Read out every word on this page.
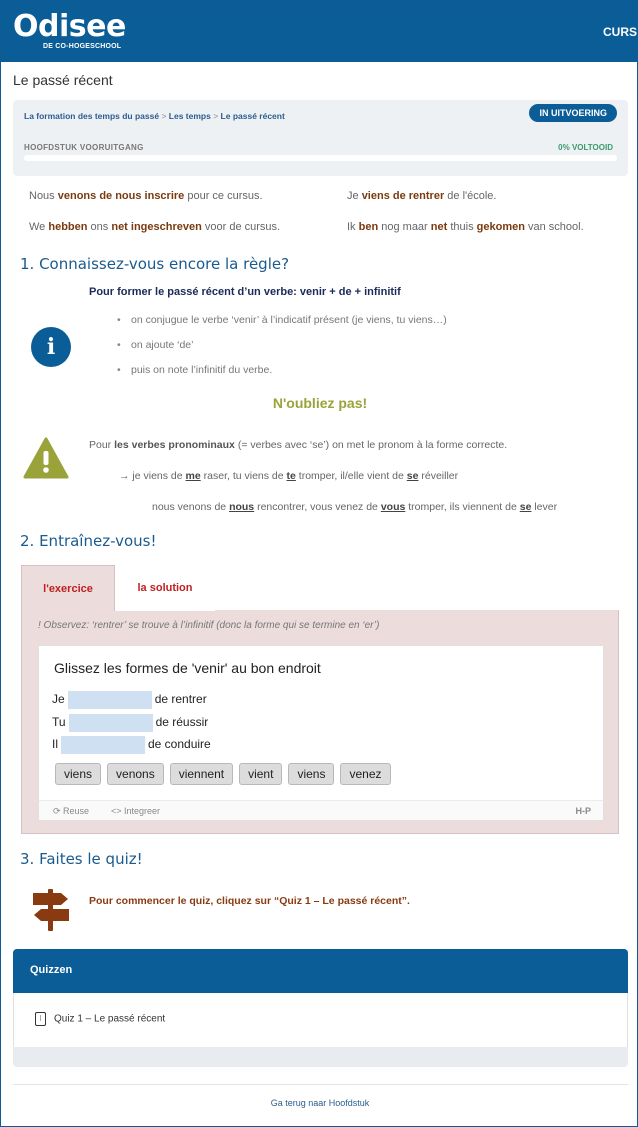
Odisee
DE CO-HOGESCHOOL
CURS
Le passé récent
La formation des temps du passé > Les temps > Le passé récent	IN UITVOERING
HOOFDSTUK VOORUITGANG	0% VOLTOOID
Nous venons de nous inscrire pour ce cursus.	Je viens de rentrer de l'école.
We hebben ons net ingeschreven voor de cursus.	Ik ben nog maar net thuis gekomen van school.
1. Connaissez-vous encore la règle?
Pour former le passé récent d’un verbe: venir + de + infinitif
i
• on conjugue le verbe ‘venir’ à l’indicatif présent (je viens, tu viens…)
• on ajoute ‘de’
• puis on note l’infinitif du verbe.
N'oubliez pas!
Pour les verbes pronominaux (= verbes avec ‘se’) on met le pronom à la forme correcte.
→ je viens de me raser, tu viens de te tromper, il/elle vient de se réveiller
nous venons de nous rencontrer, vous venez de vous tromper, ils viennent de se lever
2. Entraînez-vous!
l'exercice	la solution
! Observez: ‘rentrer’ se trouve à l’infinitif (donc la forme qui se termine en ‘er’)
Glissez les formes de 'venir' au bon endroit
Je	de rentrer
Tu	de réussir
Il	de conduire
viens venons viennent vient viens venez
⟳ Reuse <> Integreer	H-P
3. Faites le quiz!
Pour commencer le quiz, cliquez sur “Quiz 1 – Le passé récent”.
Quizzen
⁝ Quiz 1 – Le passé récent
Ga terug naar Hoofdstuk
